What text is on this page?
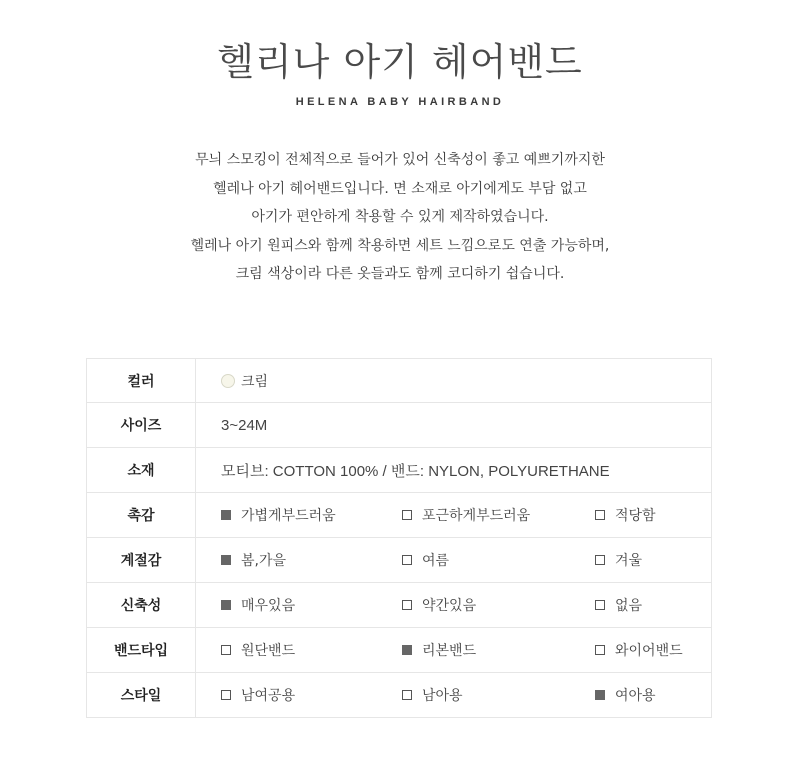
헬리나 아기 헤어밴드
HELENA BABY HAIRBAND

무늬 스모킹이 전체적으로 들어가 있어 신축성이 좋고 예쁘기까지한

헬레나 아기 헤어밴드입니다. 면 소재로 아기에게도 부담 없고

아기가 편안하게 착용할 수 있게 제작하였습니다.

헬레나 아기 원피스와 함께 착용하면 세트 느낌으로도 연출 가능하며,

크림 색상이라 다른 옷들과도 함께 코디하기 쉽습니다.

컬러	크림

사이즈	3~24M
소재	모티브: COTTON 100% / 밴드: NYLON, POLYURETHANE
촉감	가볍게부드러움 포근하게부드러움 적당함

계절감	봄,가을 여름 겨울

신축성	매우있음 약간있음 없음

밴드타입	원단밴드 리본밴드 와이어밴드

스타일	남여공용 남아용 여아용
